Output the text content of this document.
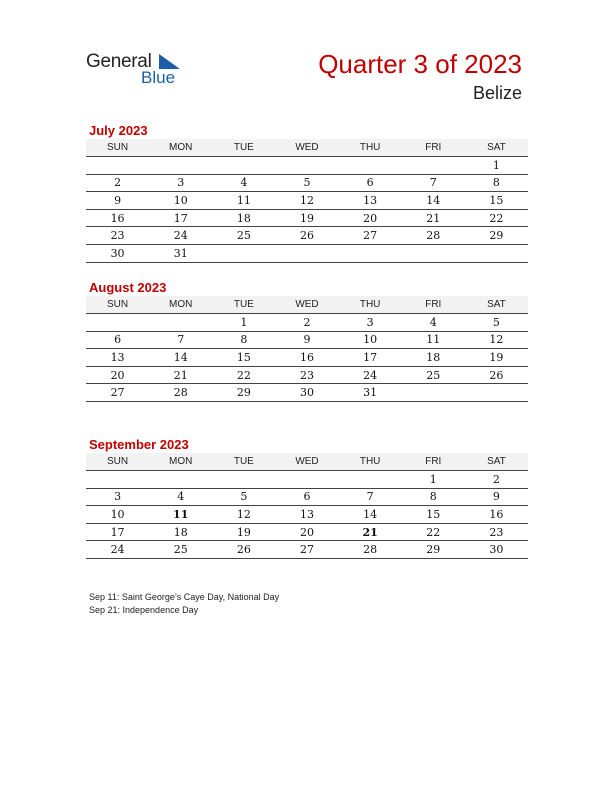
General
Blue	Quarter 3 of 2023
Belize
July 2023
SUN	MON	TUE	WED	THU	FRI	SAT
						1
2	3	4	5	6	7	8
9	10	11	12	13	14	15
16	17	18	19	20	21	22
23	24	25	26	27	28	29
30	31					
August 2023
SUN	MON	TUE	WED	THU	FRI	SAT
		1	2	3	4	5
6	7	8	9	10	11	12
13	14	15	16	17	18	19
20	21	22	23	24	25	26
27	28	29	30	31		
September 2023
SUN	MON	TUE	WED	THU	FRI	SAT
					1	2
3	4	5	6	7	8	9
10	11	12	13	14	15	16
17	18	19	20	21	22	23
24	25	26	27	28	29	30
Sep 11: Saint George’s Caye Day, National Day
Sep 21: Independence Day
